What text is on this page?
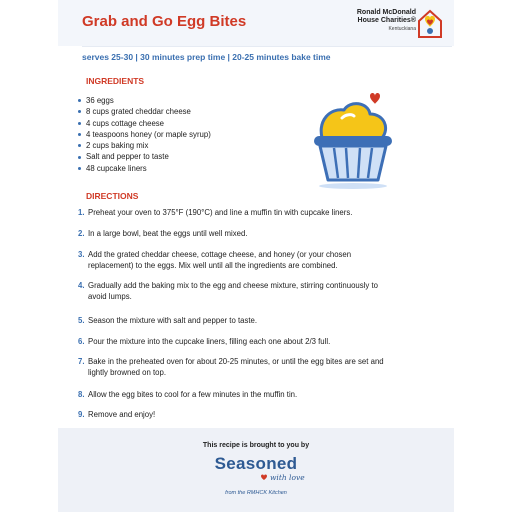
Grab and Go Egg Bites
Ronald McDonald
House Charities®
Kentuckiana
serves 25-30 | 30 minutes prep time | 20-25 minutes bake time
INGREDIENTS
36 eggs
8 cups grated cheddar cheese
4 cups cottage cheese
4 teaspoons honey (or maple syrup)
2 cups baking mix
Salt and pepper to taste
48 cupcake liners
DIRECTIONS
1. Preheat your oven to 375°F (190°C) and line a muffin tin with cupcake liners.
2. In a large bowl, beat the eggs until well mixed.
3. Add the grated cheddar cheese, cottage cheese, and honey (or your chosen
replacement) to the eggs. Mix well until all the ingredients are combined.
4. Gradually add the baking mix to the egg and cheese mixture, stirring continuously to
avoid lumps.
5. Season the mixture with salt and pepper to taste.
6. Pour the mixture into the cupcake liners, filling each one about 2/3 full.
7. Bake in the preheated oven for about 20-25 minutes, or until the egg bites are set and
lightly browned on top.
8. Allow the egg bites to cool for a few minutes in the muffin tin.
9. Remove and enjoy!
This recipe is brought to you by
Seasoned
with love
from the RMHCK Kitchen
